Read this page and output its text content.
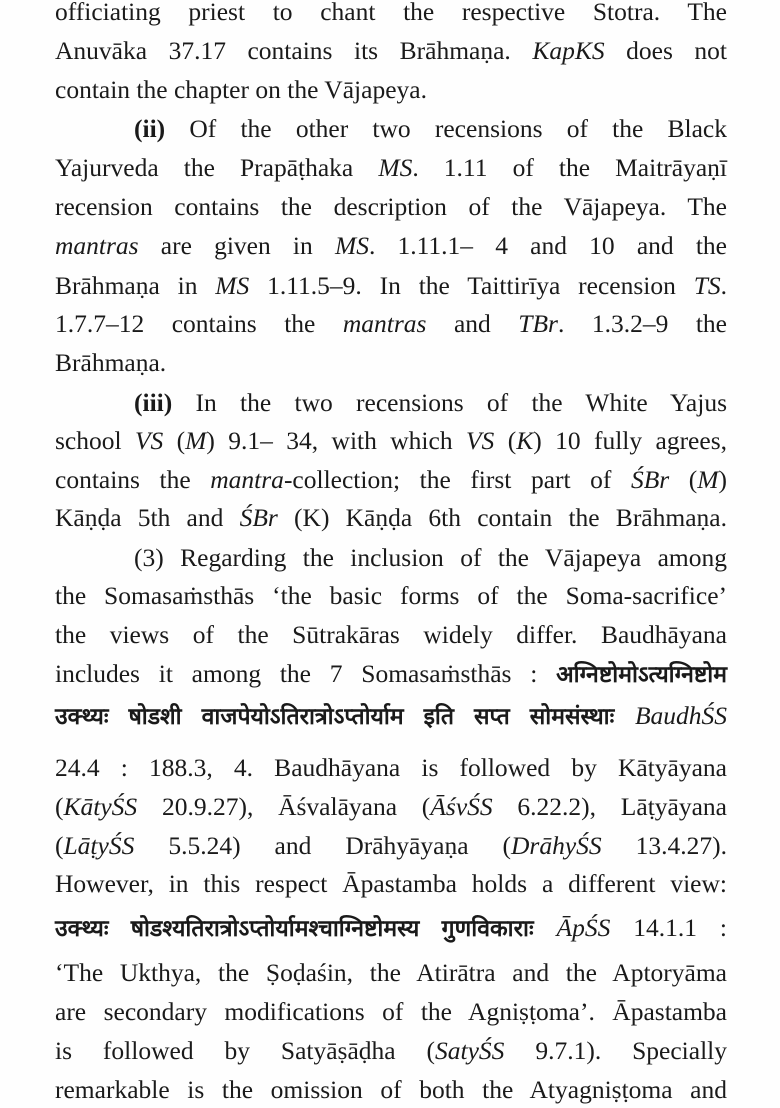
officiating priest to chant the respective Stotra. The
Anuvāka 37.17 contains its Brāhmaṇa. KapKS does not
contain the chapter on the Vājapeya.
(ii) Of the other two recensions of the Black
Yajurveda the Prapāṭhaka MS. 1.11 of the Maitrāyaṇī
recension contains the description of the Vājapeya. The
mantras are given in MS. 1.11.1– 4 and 10 and the
Brāhmaṇa in MS 1.11.5–9. In the Taittirīya recension TS.
1.7.7–12 contains the mantras and TBr. 1.3.2–9 the
Brāhmaṇa.
(iii) In the two recensions of the White Yajus
school VS (M) 9.1– 34, with which VS (K) 10 fully agrees,
contains the mantra-collection; the first part of ŚBr (M)
Kāṇḍa 5th and ŚBr (K) Kāṇḍa 6th contain the Brāhmaṇa.
(3) Regarding the inclusion of the Vājapeya among
the Somasaṁsthās ‘the basic forms of the Soma-sacrifice’
the views of the Sūtrakāras widely differ. Baudhāyana
includes it among the 7 Somasaṁsthās : अग्निष्टोमोऽत्यग्निष्टोम
उक्थ्यः षोडशी वाजपेयोऽतिरात्रोऽप्तोर्याम इति सप्त सोमसंस्थाः BaudhŚS
24.4 : 188.3, 4. Baudhāyana is followed by Kātyāyana
(KātyŚS 20.9.27), Āśvalāyana (ĀśvŚS 6.22.2), Lāṭyāyana
(LāṭyŚS 5.5.24) and Drāhyāyaṇa (DrāhyŚS 13.4.27).
However, in this respect Āpastamba holds a different view:
उक्थ्यः षोडश्यतिरात्रोऽप्तोर्यामश्चाग्निष्टोमस्य गुणविकाराः ĀpŚS 14.1.1 :
‘The Ukthya, the Ṣoḍaśin, the Atirātra and the Aptoryāma
are secondary modifications of the Agniṣṭoma’. Āpastamba
is followed by Satyāṣāḍha (SatyŚS 9.7.1). Specially
remarkable is the omission of both the Atyagniṣṭoma and
